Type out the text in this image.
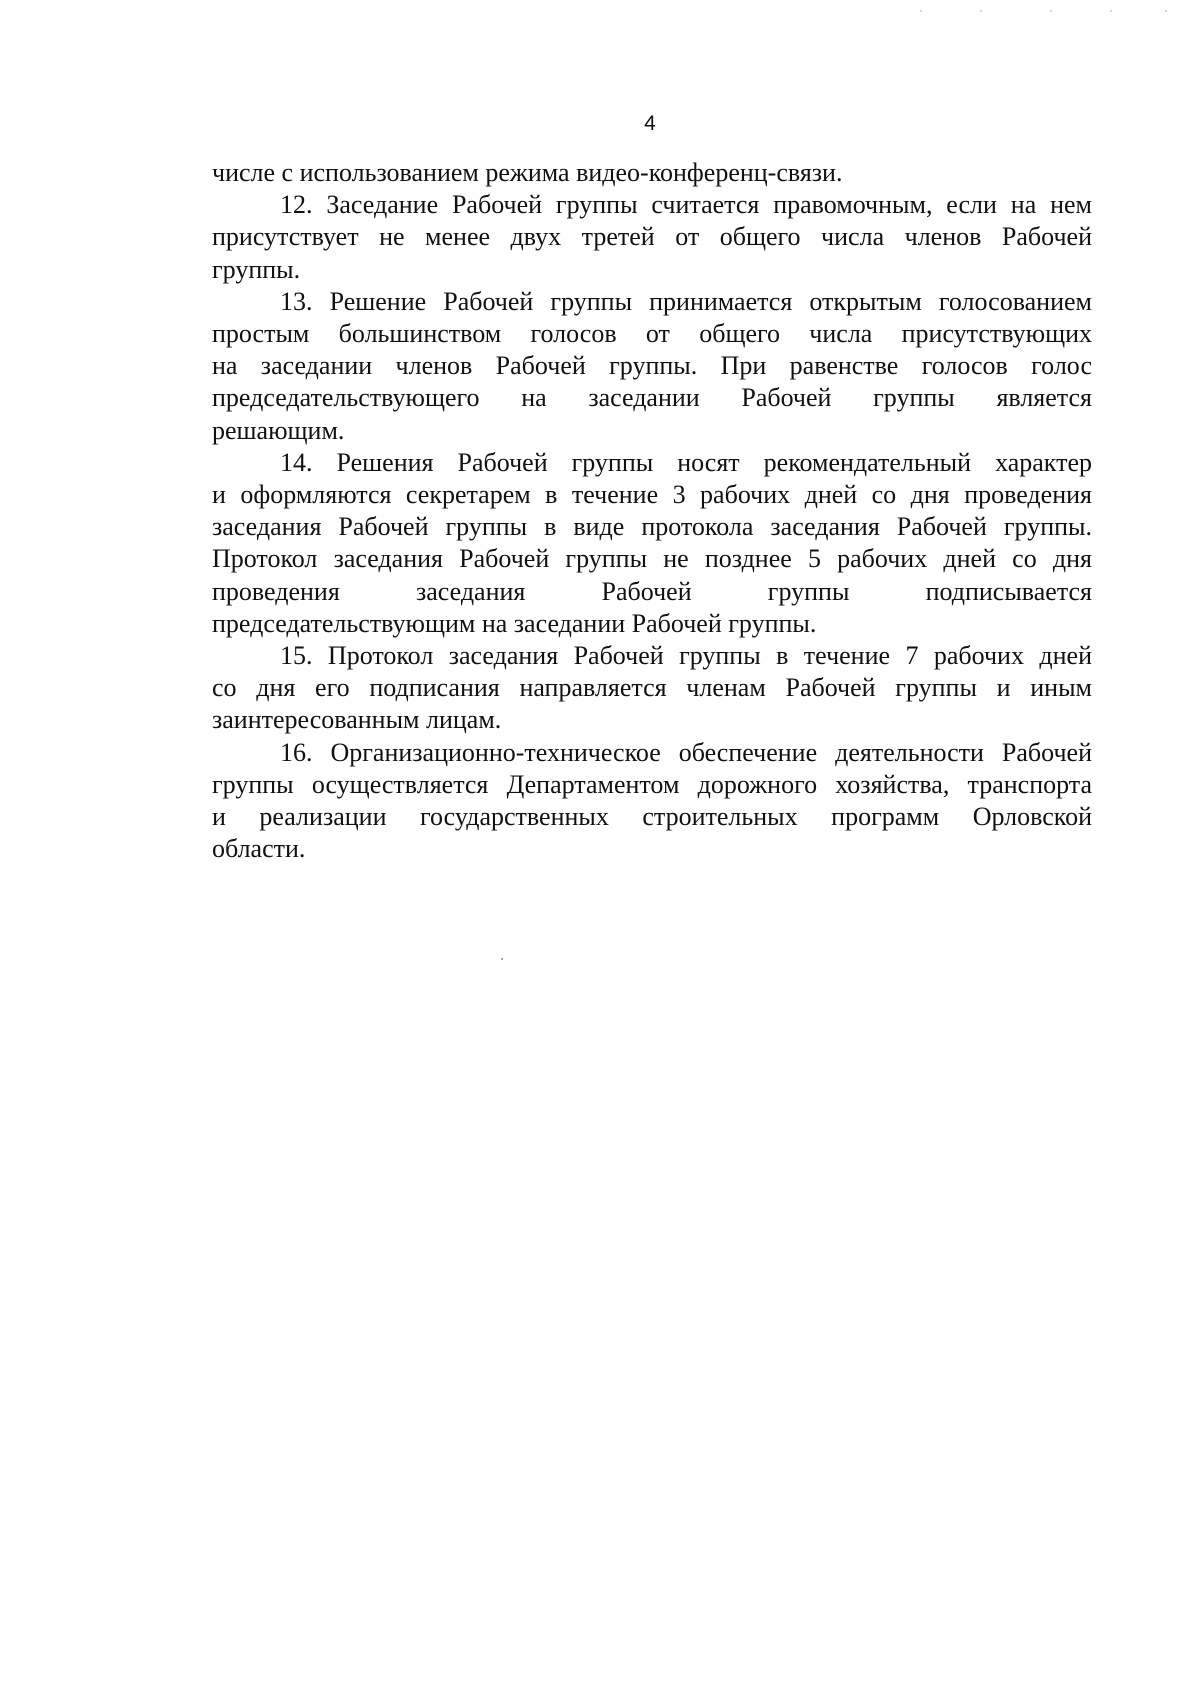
4

числе с использованием режима видео-конференц-связи.

12. Заседание Рабочей группы считается правомочным, если на нем
присутствует не менее двух третей от общего числа членов Рабочей
группы.

13. Решение Рабочей группы принимается открытым голосованием
простым большинством голосов от общего числа присутствующих
на заседании членов Рабочей группы. При равенстве голосов голос
председательствующего на заседании Рабочей группы является
решающим.

14. Решения Рабочей группы носят рекомендательный характер
и оформляются секретарем в течение 3 рабочих дней со дня проведения
заседания Рабочей группы в виде протокола заседания Рабочей группы.
Протокол заседания Рабочей группы не позднее 5 рабочих дней со дня
проведения заседания Рабочей группы подписывается
председательствующим на заседании Рабочей группы.

15. Протокол заседания Рабочей группы в течение 7 рабочих дней
со дня его подписания направляется членам Рабочей группы и иным
заинтересованным лицам.

16. Организационно-техническое обеспечение деятельности Рабочей
группы осуществляется Департаментом дорожного хозяйства, транспорта
и реализации государственных строительных программ Орловской
области.
